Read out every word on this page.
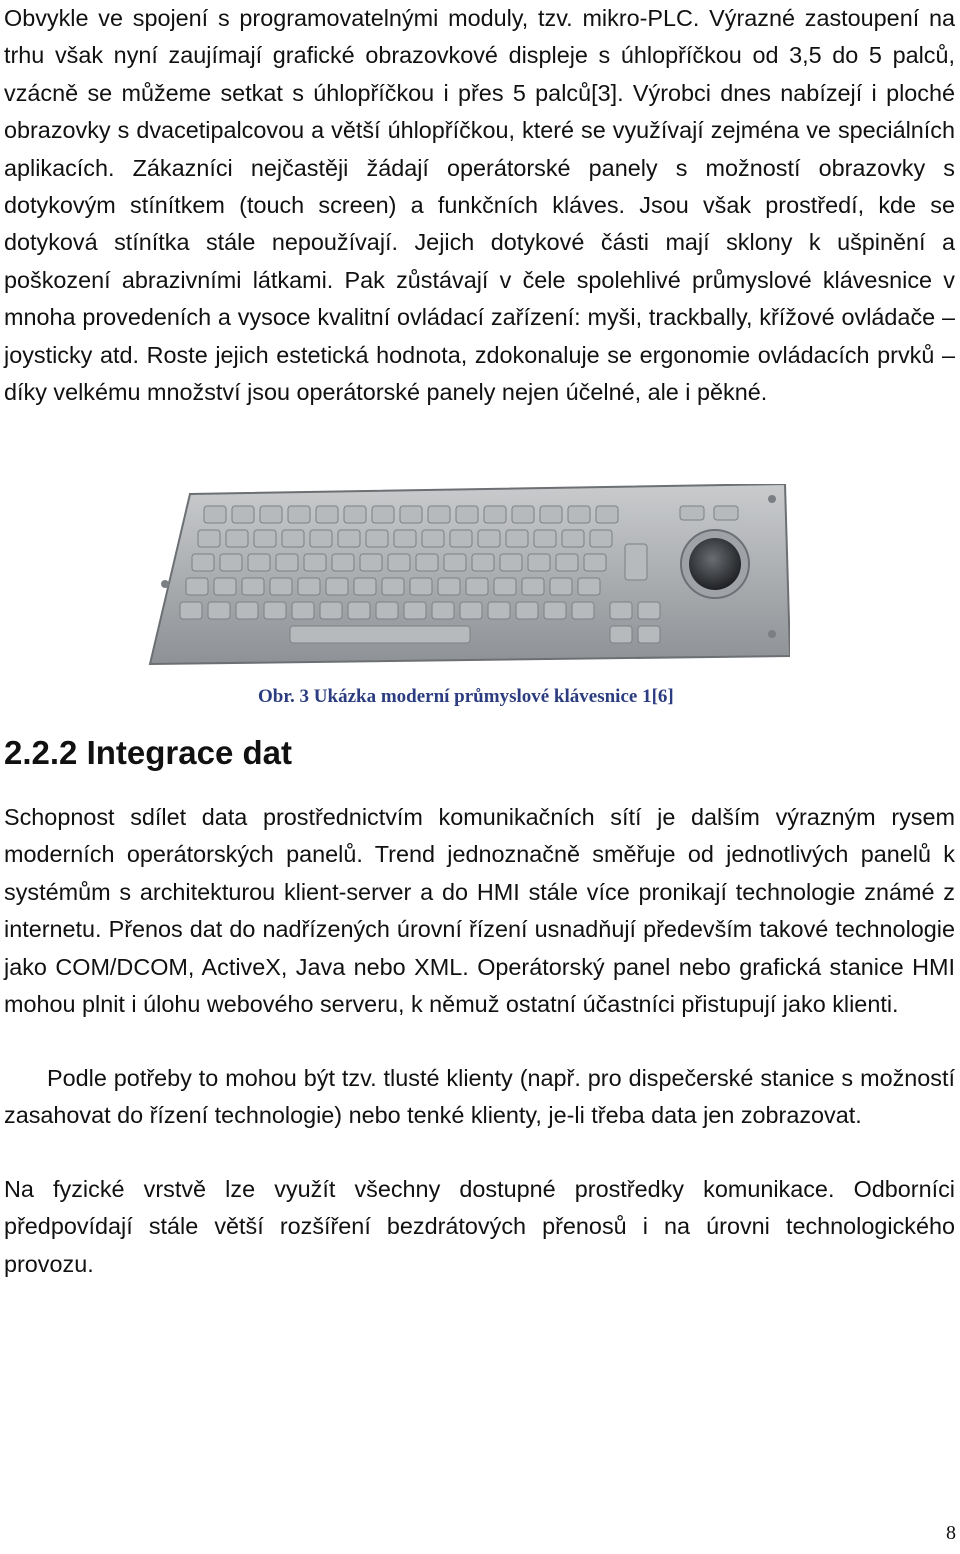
Obvykle ve spojení s programovatelnými moduly, tzv. mikro-PLC. Výrazné zastoupení na trhu však nyní zaujímají grafické obrazovkové displeje s úhlopříčkou od 3,5 do 5 palců, vzácně se můžeme setkat s úhlopříčkou i přes 5 palců[3]. Výrobci dnes nabízejí i ploché obrazovky s dvacetipalcovou a větší úhlopříčkou, které se využívají zejména ve speciálních aplikacích. Zákazníci nejčastěji žádají operátorské panely s možností obrazovky s dotykovým stínítkem (touch screen) a funkčních kláves. Jsou však prostředí, kde se dotyková stínítka stále nepoužívají. Jejich dotykové části mají sklony k ušpinění a poškození abrazivními látkami. Pak zůstávají v čele spolehlivé průmyslové klávesnice v mnoha provedeních a vysoce kvalitní ovládací zařízení: myši, trackbally, křížové ovládače – joysticky atd. Roste jejich estetická hodnota, zdokonaluje se ergonomie ovládacích prvků – díky velkému množství jsou operátorské panely nejen účelné, ale i pěkné.

Obr. 3 Ukázka moderní průmyslové klávesnice 1[6]

2.2.2 Integrace dat

Schopnost sdílet data prostřednictvím komunikačních sítí je dalším výrazným rysem moderních operátorských panelů. Trend jednoznačně směřuje od jednotlivých panelů k systémům s architekturou klient-server a do HMI stále více pronikají technologie známé z internetu. Přenos dat do nadřízených úrovní řízení usnadňují především takové technologie jako COM/DCOM, ActiveX, Java nebo XML. Operátorský panel nebo grafická stanice HMI mohou plnit i úlohu webového serveru, k němuž ostatní účastníci přistupují jako klienti.

Podle potřeby to mohou být tzv. tlusté klienty (např. pro dispečerské stanice s možností zasahovat do řízení technologie) nebo tenké klienty, je-li třeba data jen zobrazovat.

Na fyzické vrstvě lze využít všechny dostupné prostředky komunikace. Odborníci předpovídají stále větší rozšíření bezdrátových přenosů i na úrovni technologického provozu.

8
